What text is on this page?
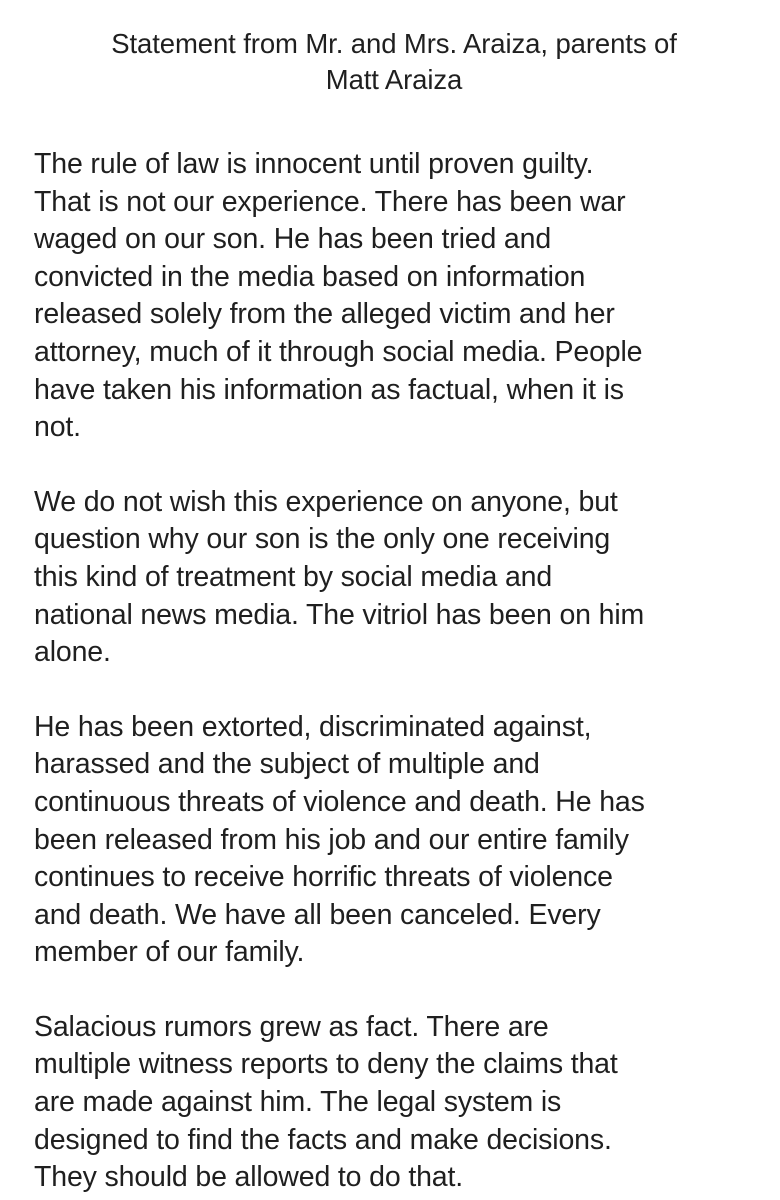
Statement from Mr. and Mrs. Araiza, parents of
Matt Araiza

The rule of law is innocent until proven guilty.
That is not our experience. There has been war
waged on our son. He has been tried and
convicted in the media based on information
released solely from the alleged victim and her
attorney, much of it through social media. People
have taken his information as factual, when it is
not.

We do not wish this experience on anyone, but
question why our son is the only one receiving
this kind of treatment by social media and
national news media. The vitriol has been on him
alone.

He has been extorted, discriminated against,
harassed and the subject of multiple and
continuous threats of violence and death. He has
been released from his job and our entire family
continues to receive horrific threats of violence
and death. We have all been canceled. Every
member of our family.

Salacious rumors grew as fact. There are
multiple witness reports to deny the claims that
are made against him. The legal system is
designed to find the facts and make decisions.
They should be allowed to do that.
